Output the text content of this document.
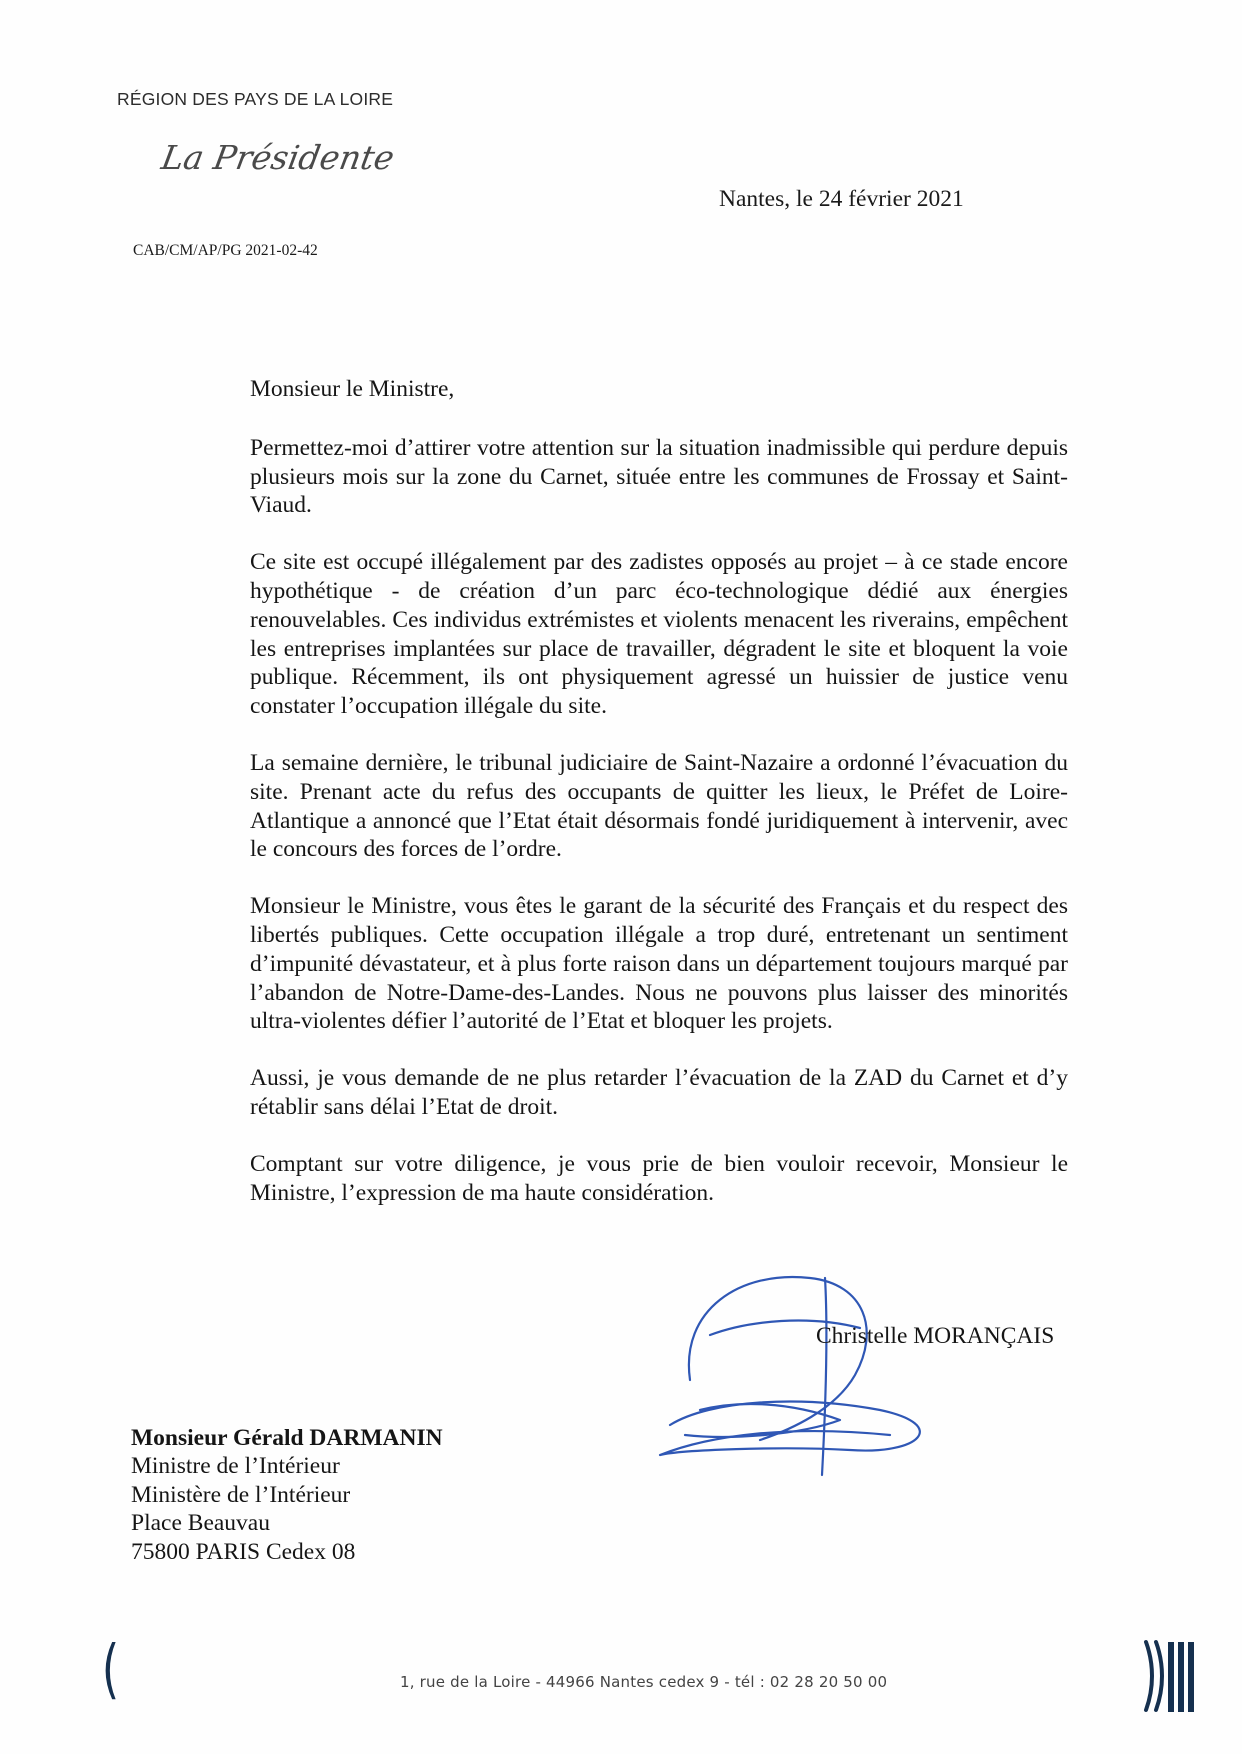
RÉGION DES PAYS DE LA LOIRE
La Présidente
Nantes, le 24 février 2021
CAB/CM/AP/PG 2021-02-42

Monsieur le Ministre,

Permettez-moi d’attirer votre attention sur la situation inadmissible qui perdure depuis plusieurs mois sur la zone du Carnet, située entre les communes de Frossay et Saint-Viaud.

Ce site est occupé illégalement par des zadistes opposés au projet – à ce stade encore hypothétique - de création d’un parc éco-technologique dédié aux énergies renouvelables. Ces individus extrémistes et violents menacent les riverains, empêchent les entreprises implantées sur place de travailler, dégradent le site et bloquent la voie publique. Récemment, ils ont physiquement agressé un huissier de justice venu constater l’occupation illégale du site.

La semaine dernière, le tribunal judiciaire de Saint-Nazaire a ordonné l’évacuation du site. Prenant acte du refus des occupants de quitter les lieux, le Préfet de Loire-Atlantique a annoncé que l’Etat était désormais fondé juridiquement à intervenir, avec le concours des forces de l’ordre.

Monsieur le Ministre, vous êtes le garant de la sécurité des Français et du respect des libertés publiques. Cette occupation illégale a trop duré, entretenant un sentiment d’impunité dévastateur, et à plus forte raison dans un département toujours marqué par l’abandon de Notre-Dame-des-Landes. Nous ne pouvons plus laisser des minorités ultra-violentes défier l’autorité de l’Etat et bloquer les projets.

Aussi, je vous demande de ne plus retarder l’évacuation de la ZAD du Carnet et d’y rétablir sans délai l’Etat de droit.

Comptant sur votre diligence, je vous prie de bien vouloir recevoir, Monsieur le Ministre, l’expression de ma haute considération.

Christelle MORANÇAIS
Monsieur Gérald DARMANIN
Ministre de l’Intérieur
Ministère de l’Intérieur
Place Beauvau
75800 PARIS Cedex 08
(	1, rue de la Loire - 44966 Nantes cedex 9 - tél : 02 28 20 50 00
